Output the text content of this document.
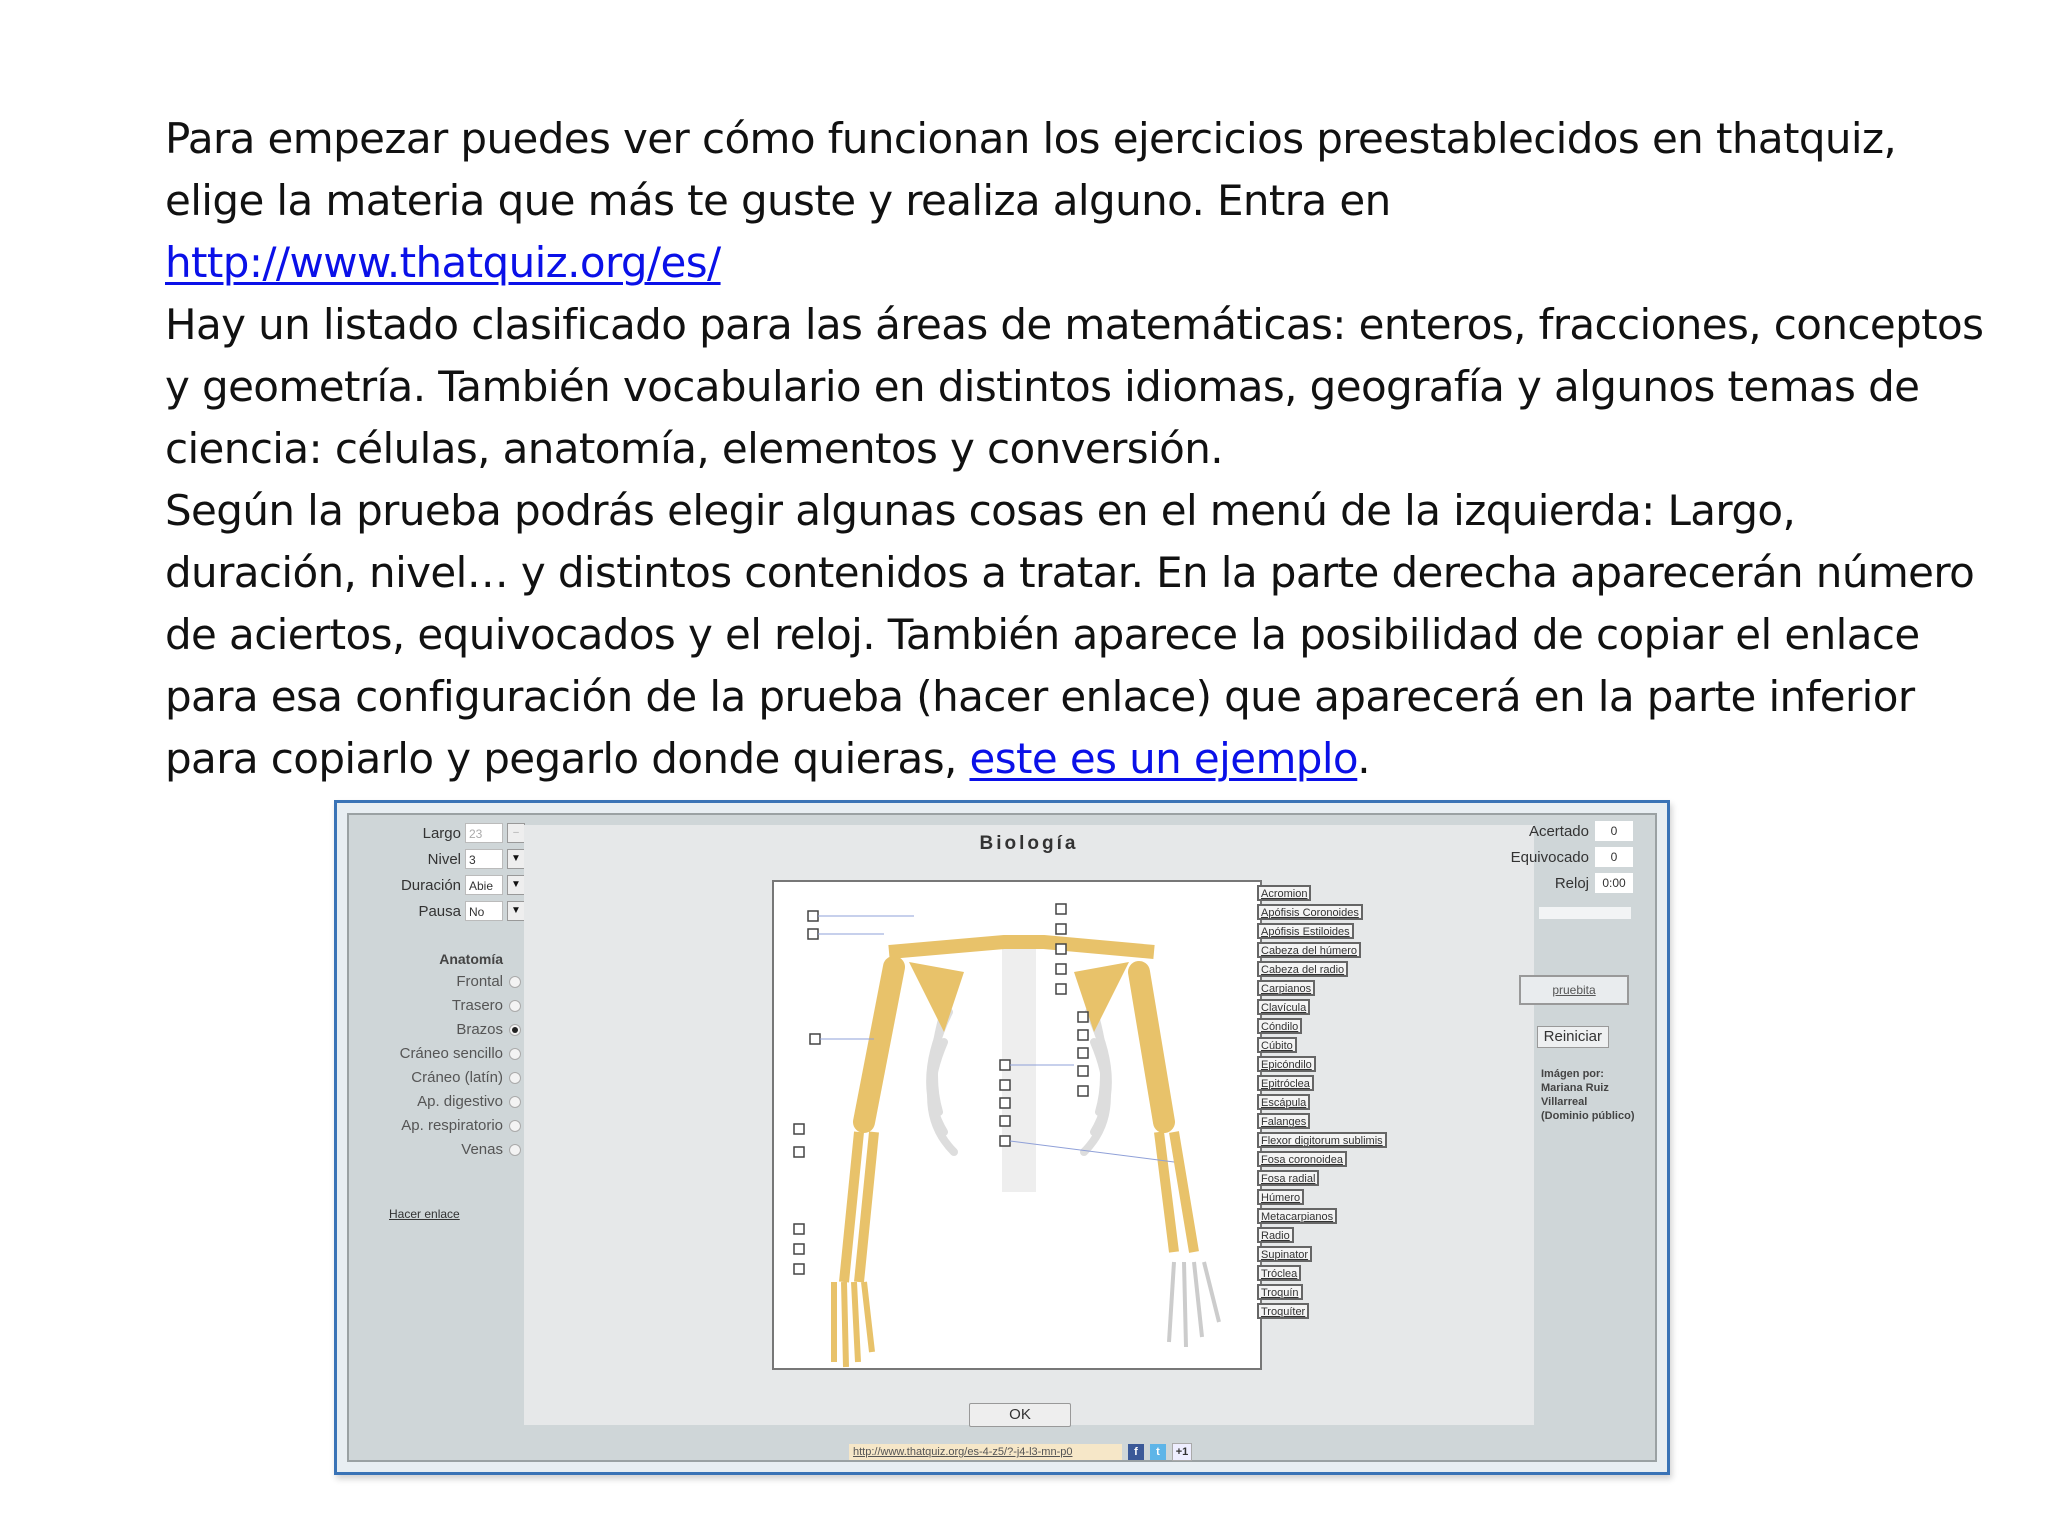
Para empezar puedes ver cómo funcionan los ejercicios preestablecidos en thatquiz,
elige la materia que más te guste y realiza alguno. Entra en
http://www.thatquiz.org/es/

Hay un listado clasificado para las áreas de matemáticas: enteros, fracciones, conceptos y geometría. También vocabulario en distintos idiomas, geografía y algunos temas de ciencia: células, anatomía, elementos y conversión.

Según la prueba podrás elegir algunas cosas en el menú de la izquierda: Largo, duración, nivel… y distintos contenidos a tratar. En la parte derecha aparecerán número de aciertos, equivocados y el reloj. También aparece la posibilidad de copiar el enlace para esa configuración de la prueba (hacer enlace) que aparecerá en la parte inferior para copiarlo y pegarlo donde quieras, este es un ejemplo.

Largo 23	–
Nivel 3	▼
Duración Abie	▼
Pausa No	▼
Anatomía
Frontal
Trasero
Brazos
Cráneo sencillo
Cráneo (latín)
Ap. digestivo
Ap. respiratorio
Venas
Hacer enlace
Biología
Acromion
Apófisis Coronoides
Apófisis Estiloides
Cabeza del húmero
Cabeza del radio
Carpianos
Clavícula
Cóndilo
Cúbito
Epicóndilo
Epitróclea
Escápula
Falanges
Flexor digitorum sublimis
Fosa coronoidea
Fosa radial
Húmero
Metacarpianos
Radio
Supinator
Tróclea
Troquín
Troquíter
OK
Acertado	0
Equivocado	0
Reloj	0:00
pruebita
Reiniciar
Imágen por:
Mariana Ruiz
Villarreal
(Dominio público)
http://www.thatquiz.org/es-4-z5/?-j4-l3-mn-p0	f	t	+1
